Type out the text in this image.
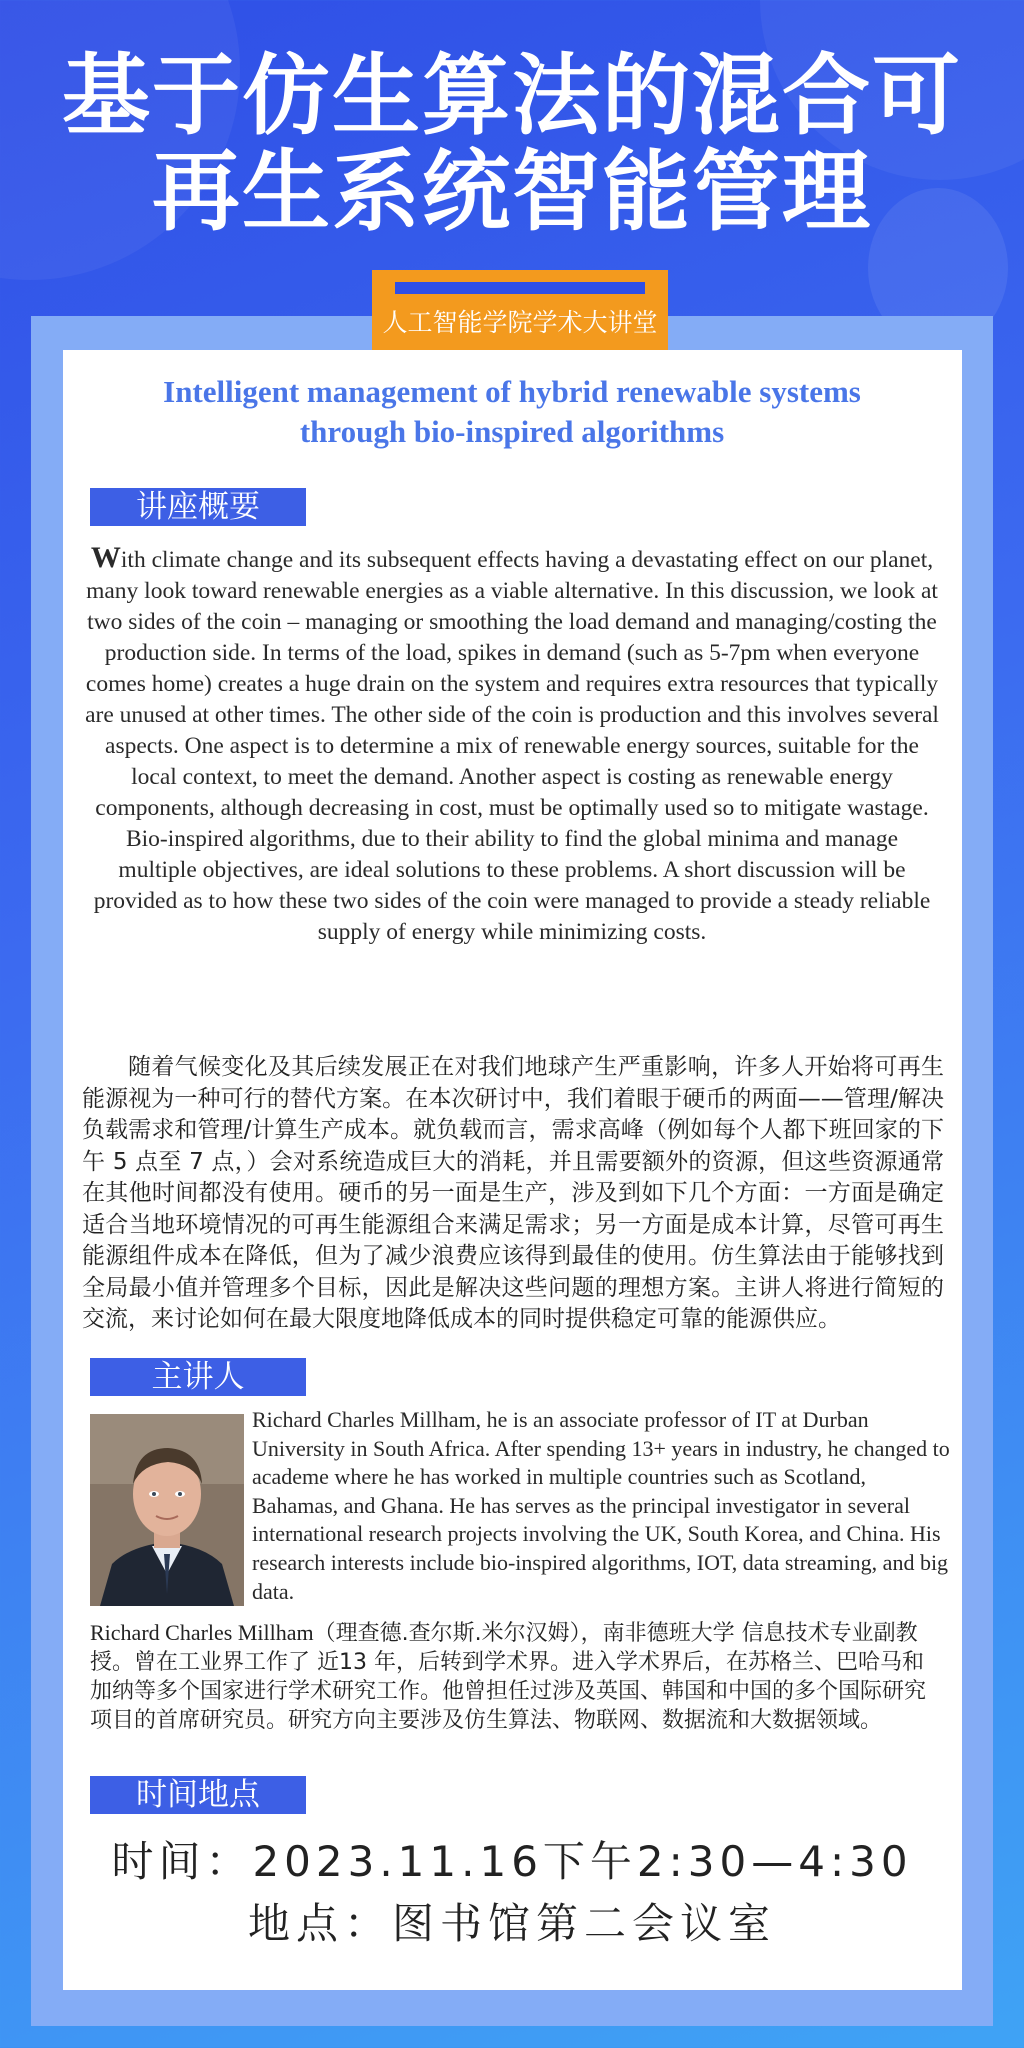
基于仿生算法的混合可
再生系统智能管理
人工智能学院学术大讲堂
Intelligent management of hybrid renewable systems
through bio-inspired algorithms
讲座概要
With climate change and its subsequent effects having a devastating effect on our planet, many look toward renewable energies as a viable alternative. In this discussion, we look at two sides of the coin – managing or smoothing the load demand and managing/costing the production side. In terms of the load, spikes in demand (such as 5-7pm when everyone comes home) creates a huge drain on the system and requires extra resources that typically are unused at other times. The other side of the coin is production and this involves several aspects. One aspect is to determine a mix of renewable energy sources, suitable for the local context, to meet the demand. Another aspect is costing as renewable energy components, although decreasing in cost, must be optimally used so to mitigate wastage. Bio-inspired algorithms, due to their ability to find the global minima and manage multiple objectives, are ideal solutions to these problems. A short discussion will be provided as to how these two sides of the coin were managed to provide a steady reliable supply of energy while minimizing costs.
随着气候变化及其后续发展正在对我们地球产生严重影响，许多人开始将可再生能源视为一种可行的替代方案。在本次研讨中，我们着眼于硬币的两面——管理/解决负载需求和管理/计算生产成本。就负载而言，需求高峰（例如每个人都下班回家的下午 5 点至 7 点，）会对系统造成巨大的消耗，并且需要额外的资源，但这些资源通常在其他时间都没有使用。硬币的另一面是生产，涉及到如下几个方面：一方面是确定适合当地环境情况的可再生能源组合来满足需求；另一方面是成本计算，尽管可再生能源组件成本在降低，但为了减少浪费应该得到最佳的使用。仿生算法由于能够找到全局最小值并管理多个目标，因此是解决这些问题的理想方案。主讲人将进行简短的交流，来讨论如何在最大限度地降低成本的同时提供稳定可靠的能源供应。
主讲人
Richard Charles Millham, he is an associate professor of IT at Durban University in South Africa. After spending 13+ years in industry, he changed to academe where he has worked in multiple countries such as Scotland, Bahamas, and Ghana. He has serves as the principal investigator in several international research projects involving the UK, South Korea, and China. His research interests include bio-inspired algorithms, IOT, data streaming, and big data.
Richard Charles Millham（理查德.查尔斯.米尔汉姆），南非德班大学 信息技术专业副教授。曾在工业界工作了 近13 年，后转到学术界。进入学术界后，在苏格兰、巴哈马和加纳等多个国家进行学术研究工作。他曾担任过涉及英国、韩国和中国的多个国际研究项目的首席研究员。研究方向主要涉及仿生算法、物联网、数据流和大数据领域。
时间地点
时间：2023.11.16下午2:30—4:30
地点：图书馆第二会议室
